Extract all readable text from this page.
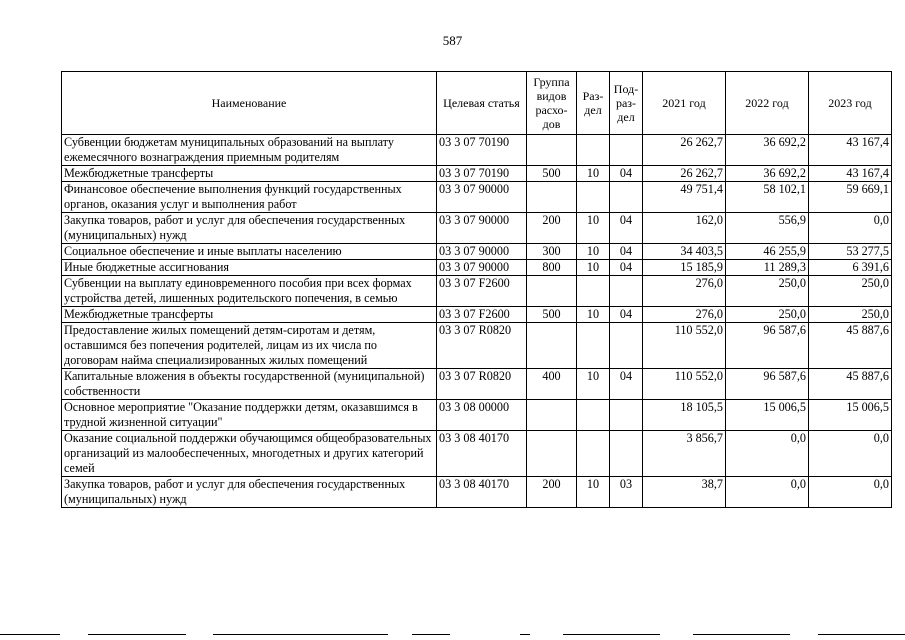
587
Наименование	Целевая статья	Группа видов расхо-дов	Раз-дел	Под-раз-дел	2021 год	2022 год	2023 год
Субвенции бюджетам муниципальных образований на выплату ежемесячного вознаграждения приемным родителям	03 3 07 70190				26 262,7	36 692,2	43 167,4
Межбюджетные трансферты	03 3 07 70190	500	10	04	26 262,7	36 692,2	43 167,4
Финансовое обеспечение выполнения функций государственных органов, оказания услуг и выполнения работ	03 3 07 90000				49 751,4	58 102,1	59 669,1
Закупка товаров, работ и услуг для обеспечения государственных (муниципальных) нужд	03 3 07 90000	200	10	04	162,0	556,9	0,0
Социальное обеспечение и иные выплаты населению	03 3 07 90000	300	10	04	34 403,5	46 255,9	53 277,5
Иные бюджетные ассигнования	03 3 07 90000	800	10	04	15 185,9	11 289,3	6 391,6
Субвенции на выплату единовременного пособия при всех формах устройства детей, лишенных родительского попечения, в семью	03 3 07 F2600				276,0	250,0	250,0
Межбюджетные трансферты	03 3 07 F2600	500	10	04	276,0	250,0	250,0
Предоставление жилых помещений детям-сиротам и детям, оставшимся без попечения родителей, лицам из их числа по договорам найма специализированных жилых помещений	03 3 07 R0820				110 552,0	96 587,6	45 887,6
Капитальные вложения в объекты государственной (муниципальной) собственности	03 3 07 R0820	400	10	04	110 552,0	96 587,6	45 887,6
Основное мероприятие "Оказание поддержки детям, оказавшимся в трудной жизненной ситуации"	03 3 08 00000				18 105,5	15 006,5	15 006,5
Оказание социальной поддержки обучающимся общеобразовательных организаций из малообеспеченных, многодетных и других категорий семей	03 3 08 40170				3 856,7	0,0	0,0
Закупка товаров, работ и услуг для обеспечения государственных (муниципальных) нужд	03 3 08 40170	200	10	03	38,7	0,0	0,0
